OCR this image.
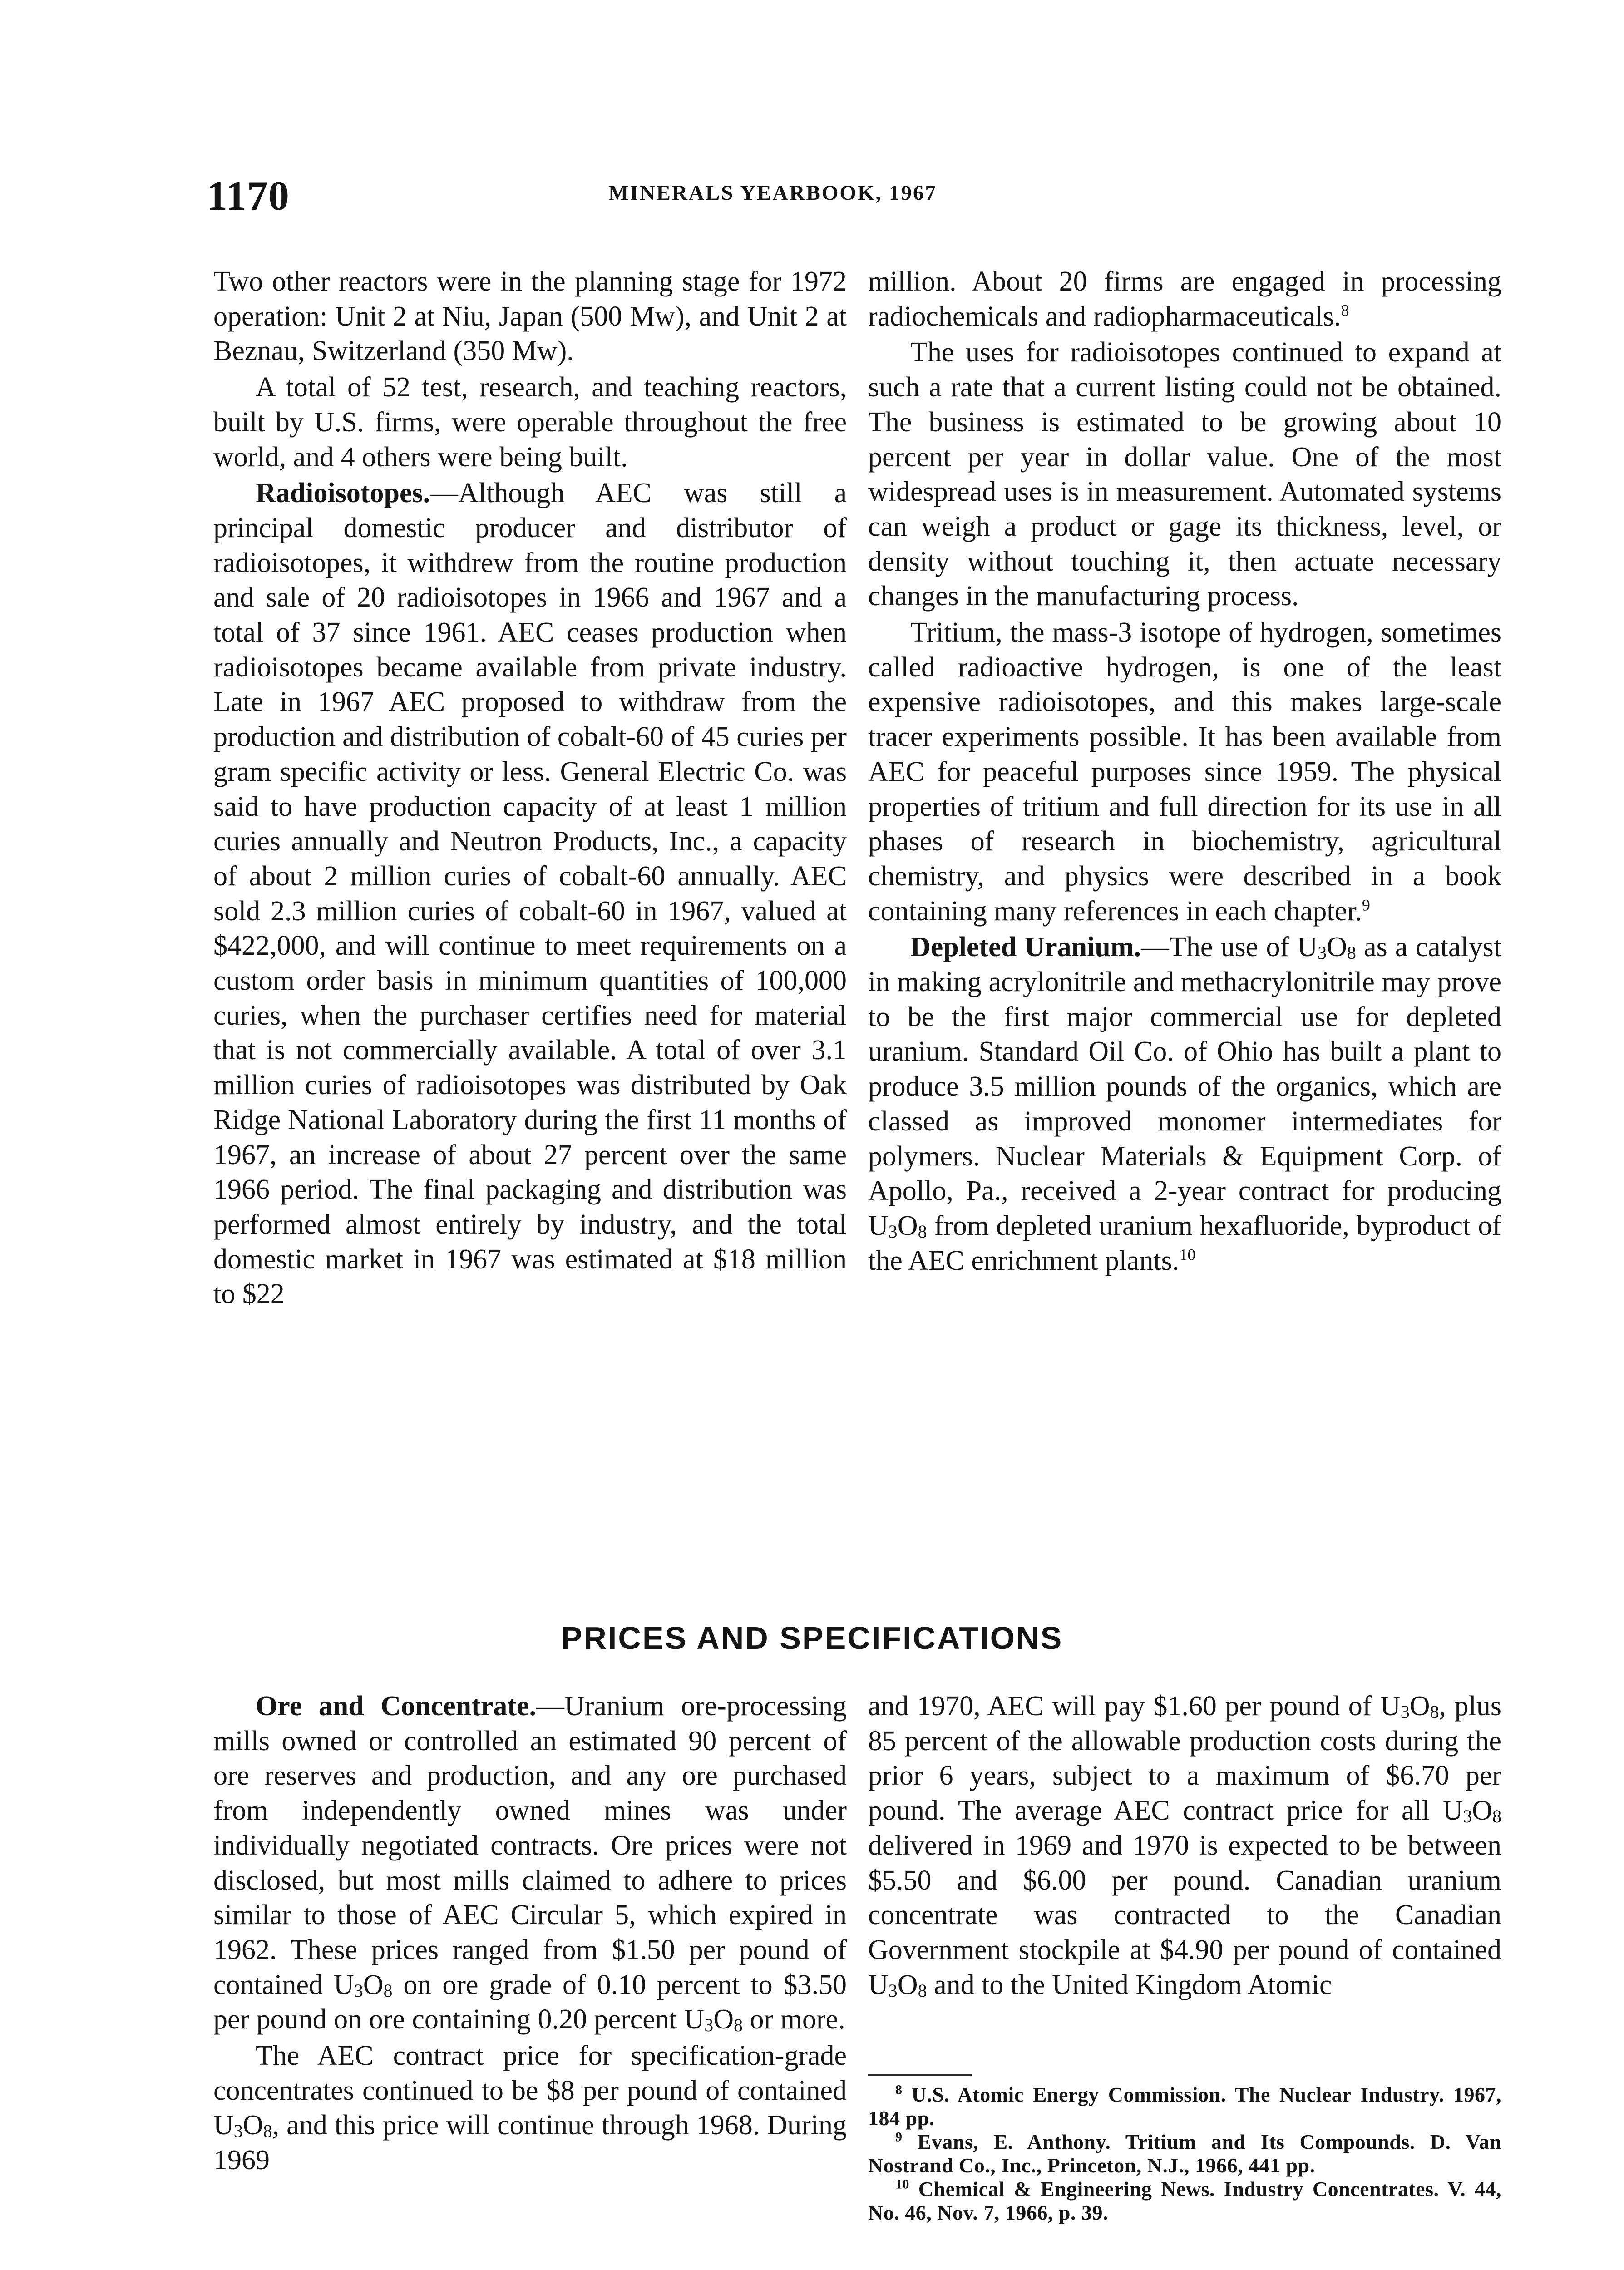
1170	MINERALS YEARBOOK, 1967

Two other reactors were in the planning stage for 1972 operation: Unit 2 at Niu, Japan (500 Mw), and Unit 2 at Beznau, Switzerland (350 Mw).

A total of 52 test, research, and teaching reactors, built by U.S. firms, were operable throughout the free world, and 4 others were being built.

Radioisotopes.—Although AEC was still a principal domestic producer and distributor of radioisotopes, it withdrew from the routine production and sale of 20 radioisotopes in 1966 and 1967 and a total of 37 since 1961. AEC ceases production when radioisotopes became available from private industry. Late in 1967 AEC proposed to withdraw from the production and distribution of cobalt-60 of 45 curies per gram specific activity or less. General Electric Co. was said to have production capacity of at least 1 million curies annually and Neutron Products, Inc., a capacity of about 2 million curies of cobalt-60 annually. AEC sold 2.3 million curies of cobalt-60 in 1967, valued at $422,000, and will continue to meet requirements on a custom order basis in minimum quantities of 100,000 curies, when the purchaser certifies need for material that is not commercially available. A total of over 3.1 million curies of radioisotopes was distributed by Oak Ridge National Laboratory during the first 11 months of 1967, an increase of about 27 percent over the same 1966 period. The final packaging and distribution was performed almost entirely by industry, and the total domestic market in 1967 was estimated at $18 million to $22

million. About 20 firms are engaged in processing radiochemicals and radiopharmaceuticals.$^8$

The uses for radioisotopes continued to expand at such a rate that a current listing could not be obtained. The business is estimated to be growing about 10 percent per year in dollar value. One of the most widespread uses is in measurement. Automated systems can weigh a product or gage its thickness, level, or density without touching it, then actuate necessary changes in the manufacturing process.

Tritium, the mass-3 isotope of hydrogen, sometimes called radioactive hydrogen, is one of the least expensive radioisotopes, and this makes large-scale tracer experiments possible. It has been available from AEC for peaceful purposes since 1959. The physical properties of tritium and full direction for its use in all phases of research in biochemistry, agricultural chemistry, and physics were described in a book containing many references in each chapter.$^9$

Depleted Uranium.—The use of $U_3O_8$ as a catalyst in making acrylonitrile and methacrylonitrile may prove to be the first major commercial use for depleted uranium. Standard Oil Co. of Ohio has built a plant to produce 3.5 million pounds of the organics, which are classed as improved monomer intermediates for polymers. Nuclear Materials & Equipment Corp. of Apollo, Pa., received a 2-year contract for producing $U_3O_8$ from depleted uranium hexafluoride, byproduct of the AEC enrichment plants.$^{10}$

PRICES AND SPECIFICATIONS

Ore and Concentrate.—Uranium ore-processing mills owned or controlled an estimated 90 percent of ore reserves and production, and any ore purchased from independently owned mines was under individually negotiated contracts. Ore prices were not disclosed, but most mills claimed to adhere to prices similar to those of AEC Circular 5, which expired in 1962. These prices ranged from $1.50 per pound of contained $U_3O_8$ on ore grade of 0.10 percent to $3.50 per pound on ore containing 0.20 percent $U_3O_8$ or more.

The AEC contract price for specification-grade concentrates continued to be $8 per pound of contained $U_3O_8$, and this price will continue through 1968. During 1969

and 1970, AEC will pay $1.60 per pound of $U_3O_8$, plus 85 percent of the allowable production costs during the prior 6 years, subject to a maximum of $6.70 per pound. The average AEC contract price for all $U_3O_8$ delivered in 1969 and 1970 is expected to be between $5.50 and $6.00 per pound. Canadian uranium concentrate was contracted to the Canadian Government stockpile at $4.90 per pound of contained $U_3O_8$ and to the United Kingdom Atomic

$^8$ U.S. Atomic Energy Commission. The Nuclear Industry. 1967, 184 pp.

$^9$ Evans, E. Anthony. Tritium and Its Compounds. D. Van Nostrand Co., Inc., Princeton, N.J., 1966, 441 pp.

$^{10}$ Chemical & Engineering News. Industry Concentrates. V. 44, No. 46, Nov. 7, 1966, p. 39.
